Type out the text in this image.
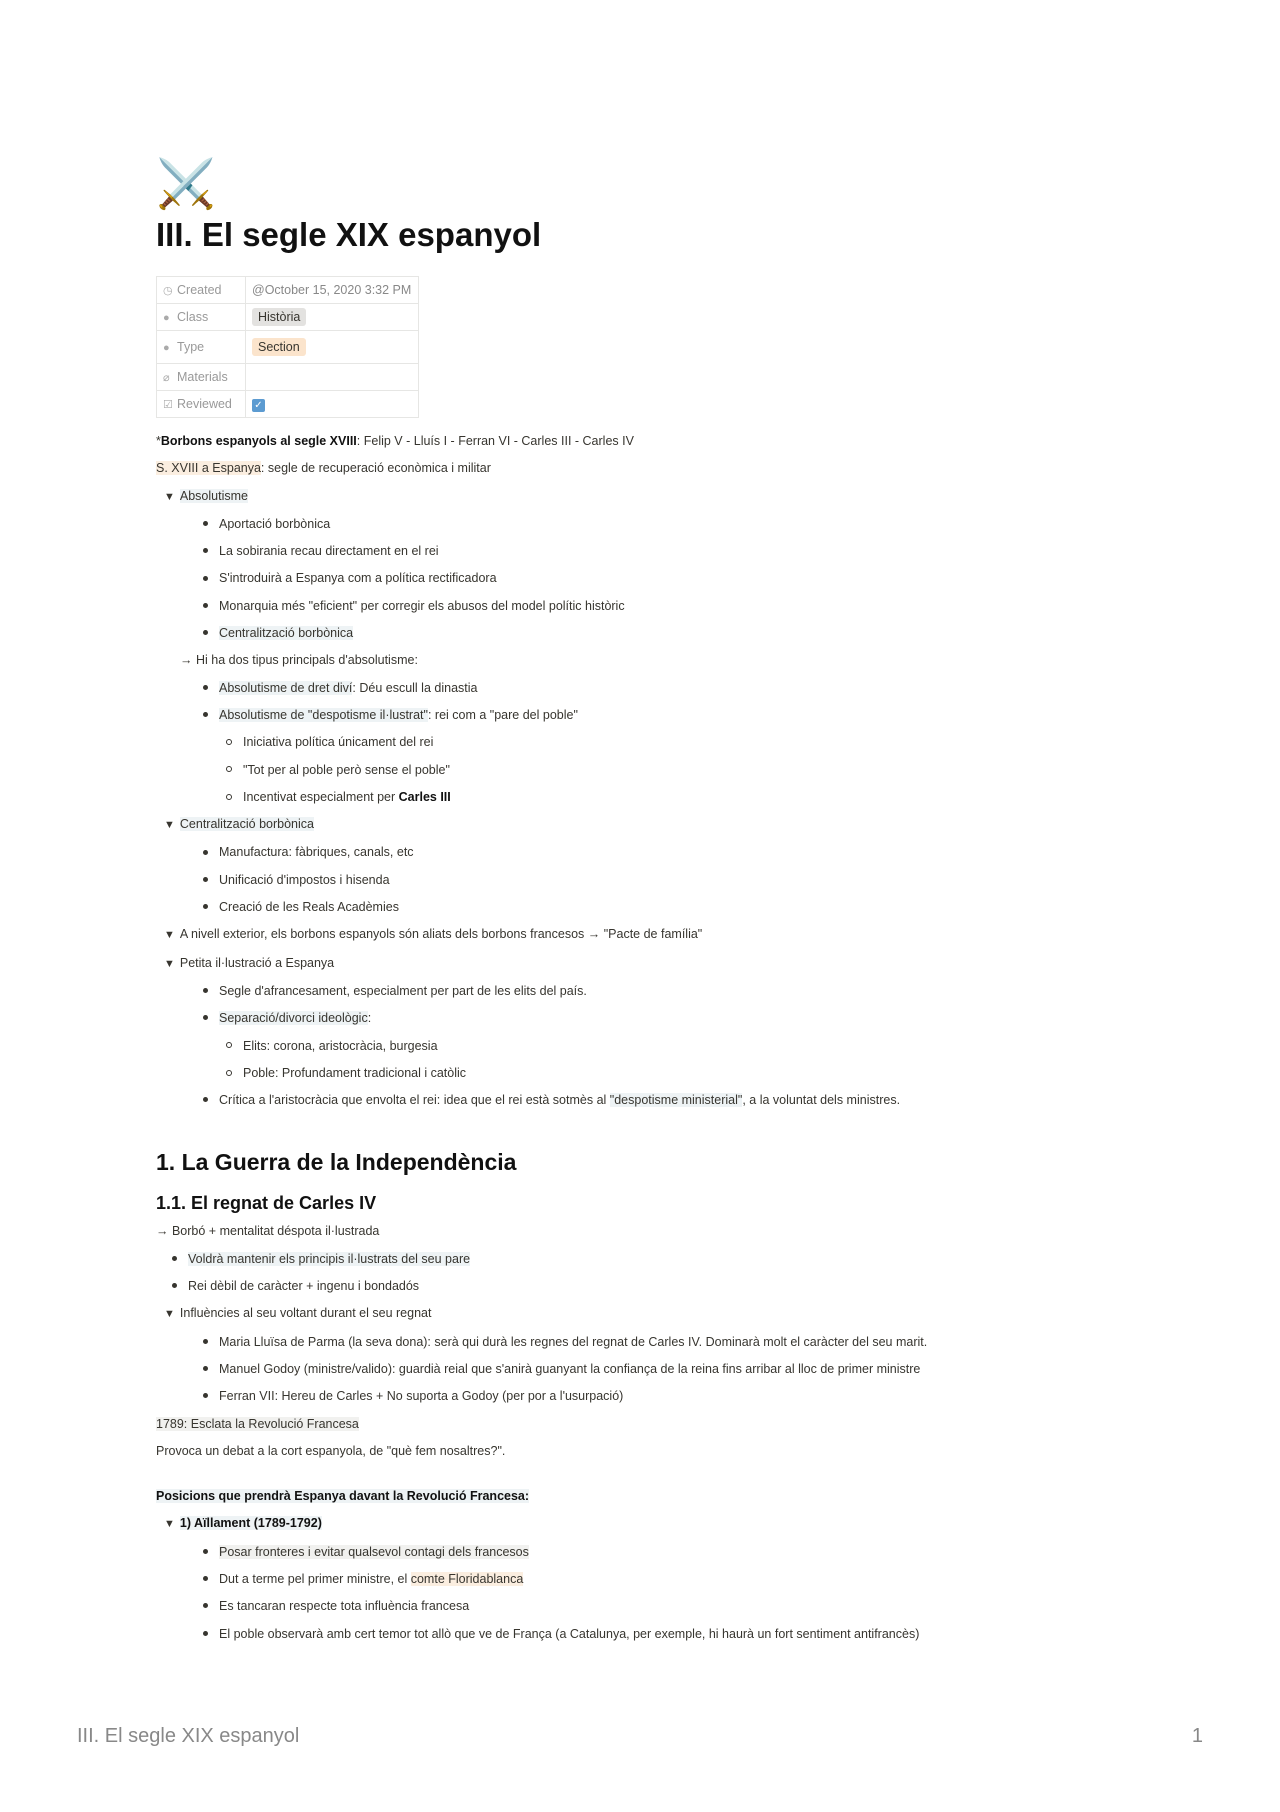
⚔️
III. El segle XIX espanyol
◷ Created	@October 15, 2020 3:32 PM
● Class	Història
● Type	Section
⌀ Materials	
☑ Reviewed	✓
*Borbons espanyols al segle XVIII: Felip V - Lluís I - Ferran VI - Carles III - Carles IV
S. XVIII a Espanya: segle de recuperació econòmica i militar
▼ Absolutisme
Aportació borbònica
La sobirania recau directament en el rei
S'introduirà a Espanya com a política rectificadora
Monarquia més "eficient" per corregir els abusos del model polític històric
Centralització borbònica
→ Hi ha dos tipus principals d'absolutisme:
Absolutisme de dret diví: Déu escull la dinastia
Absolutisme de "despotisme il·lustrat": rei com a "pare del poble"
Iniciativa política únicament del rei
"Tot per al poble però sense el poble"
Incentivat especialment per Carles III
▼ Centralització borbònica
Manufactura: fàbriques, canals, etc
Unificació d'impostos i hisenda
Creació de les Reals Acadèmies
▼ A nivell exterior, els borbons espanyols són aliats dels borbons francesos → "Pacte de família"
▼ Petita il·lustració a Espanya
Segle d'afrancesament, especialment per part de les elits del país.
Separació/divorci ideològic:
Elits: corona, aristocràcia, burgesia
Poble: Profundament tradicional i catòlic
Crítica a l'aristocràcia que envolta el rei: idea que el rei està sotmès al "despotisme ministerial", a la voluntat dels ministres.
1. La Guerra de la Independència
1.1. El regnat de Carles IV
→ Borbó + mentalitat déspota il·lustrada
Voldrà mantenir els principis il·lustrats del seu pare
Rei dèbil de caràcter + ingenu i bondadós
▼ Influències al seu voltant durant el seu regnat
Maria Lluïsa de Parma (la seva dona): serà qui durà les regnes del regnat de Carles IV. Dominarà molt el caràcter del seu marit.
Manuel Godoy (ministre/valido): guardià reial que s'anirà guanyant la confiança de la reina fins arribar al lloc de primer ministre
Ferran VII: Hereu de Carles + No suporta a Godoy (per por a l'usurpació)
1789: Esclata la Revolució Francesa
Provoca un debat a la cort espanyola, de "què fem nosaltres?".
Posicions que prendrà Espanya davant la Revolució Francesa:
▼ 1) Aïllament (1789-1792)
Posar fronteres i evitar qualsevol contagi dels francesos
Dut a terme pel primer ministre, el comte Floridablanca
Es tancaran respecte tota influència francesa
El poble observarà amb cert temor tot allò que ve de França (a Catalunya, per exemple, hi haurà un fort sentiment antifrancès)
III. El segle XIX espanyol	1
